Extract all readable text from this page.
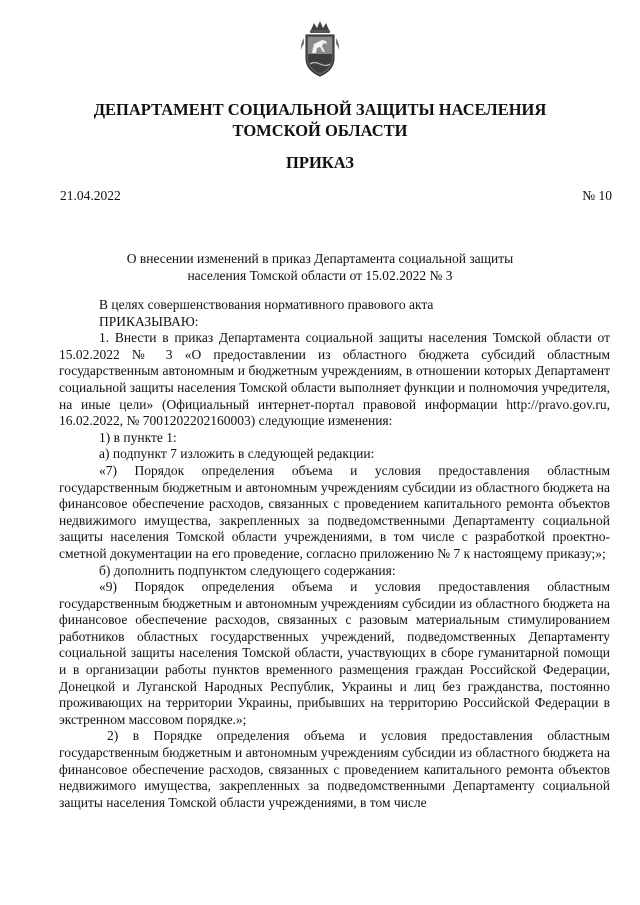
ДЕПАРТАМЕНТ СОЦИАЛЬНОЙ ЗАЩИТЫ НАСЕЛЕНИЯ
ТОМСКОЙ ОБЛАСТИ
ПРИКАЗ
21.04.2022	№ 10
О внесении изменений в приказ Департамента социальной защиты
населения Томской области от 15.02.2022 № 3

В целях совершенствования нормативного правового акта

ПРИКАЗЫВАЮ:

1. Внести в приказ Департамента социальной защиты населения Томской области от 15.02.2022 № 3 «О предоставлении из областного бюджета субсидий областным государственным автономным и бюджетным учреждениям, в отношении которых Департамент социальной защиты населения Томской области выполняет функции и полномочия учредителя, на иные цели» (Официальный интернет-портал правовой информации http://pravo.gov.ru, 16.02.2022, № 7001202202160003) следующие изменения:

1) в пункте 1:

а) подпункт 7 изложить в следующей редакции:

«7) Порядок определения объема и условия предоставления областным государственным бюджетным и автономным учреждениям субсидии из областного бюджета на финансовое обеспечение расходов, связанных с проведением капитального ремонта объектов недвижимого имущества, закрепленных за подведомственными Департаменту социальной защиты населения Томской области учреждениями, в том числе с разработкой проектно-сметной документации на его проведение, согласно приложению № 7 к настоящему приказу;»;

б) дополнить подпунктом следующего содержания:

«9) Порядок определения объема и условия предоставления областным государственным бюджетным и автономным учреждениям субсидии из областного бюджета на финансовое обеспечение расходов, связанных с разовым материальным стимулированием работников областных государственных учреждений, подведомственных Департаменту социальной защиты населения Томской области, участвующих в сборе гуманитарной помощи и в организации работы пунктов временного размещения граждан Российской Федерации, Донецкой и Луганской Народных Республик, Украины и лиц без гражданства, постоянно проживающих на территории Украины, прибывших на территорию Российской Федерации в экстренном массовом порядке.»;

2) в Порядке определения объема и условия предоставления областным государственным бюджетным и автономным учреждениям субсидии из областного бюджета на финансовое обеспечение расходов, связанных с проведением капитального ремонта объектов недвижимого имущества, закрепленных за подведомственными Департаменту социальной защиты населения Томской области учреждениями, в том числе
